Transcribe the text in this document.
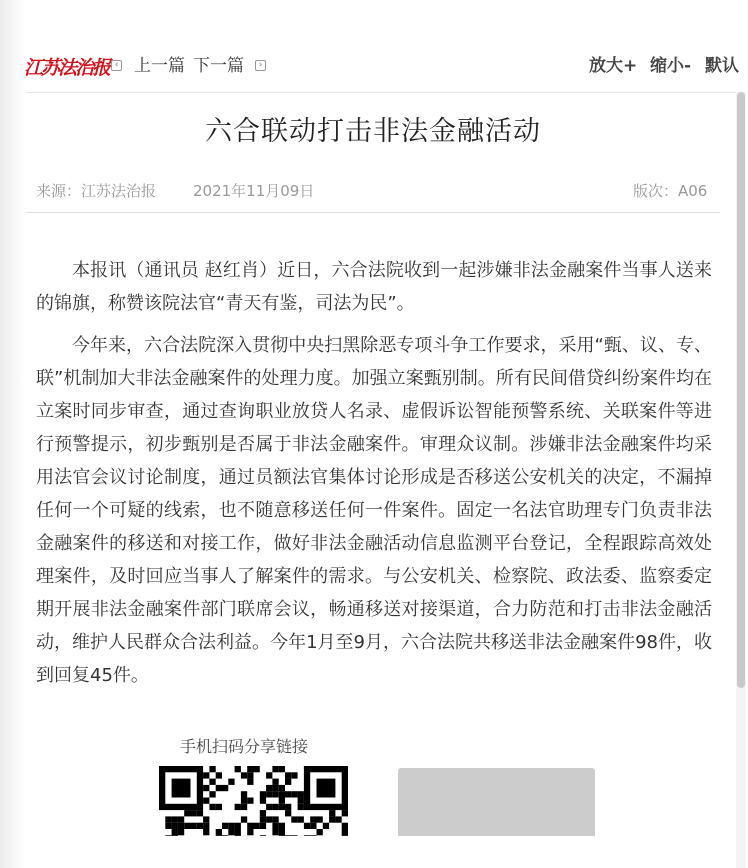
江苏法治报 ‹ 上一篇 下一篇	›	放大+ 缩小- 默认
六合联动打击非法金融活动
来源：江苏法治报 2021年11月09日	版次：A06

本报讯（通讯员 赵红肖）近日，六合法院收到一起涉嫌非法金融案件当事人送来的锦旗，称赞该院法官“青天有鉴，司法为民”。

今年来，六合法院深入贯彻中央扫黑除恶专项斗争工作要求，采用“甄、议、专、联”机制加大非法金融案件的处理力度。加强立案甄别制。所有民间借贷纠纷案件均在立案时同步审查，通过查询职业放贷人名录、虚假诉讼智能预警系统、关联案件等进行预警提示，初步甄别是否属于非法金融案件。审理众议制。涉嫌非法金融案件均采用法官会议讨论制度，通过员额法官集体讨论形成是否移送公安机关的决定，不漏掉任何一个可疑的线索，也不随意移送任何一件案件。固定一名法官助理专门负责非法金融案件的移送和对接工作，做好非法金融活动信息监测平台登记，全程跟踪高效处理案件，及时回应当事人了解案件的需求。与公安机关、检察院、政法委、监察委定期开展非法金融案件部门联席会议，畅通移送对接渠道，合力防范和打击非法金融活动，维护人民群众合法利益。今年1月至9月，六合法院共移送非法金融案件98件，收到回复45件。

手机扫码分享链接
